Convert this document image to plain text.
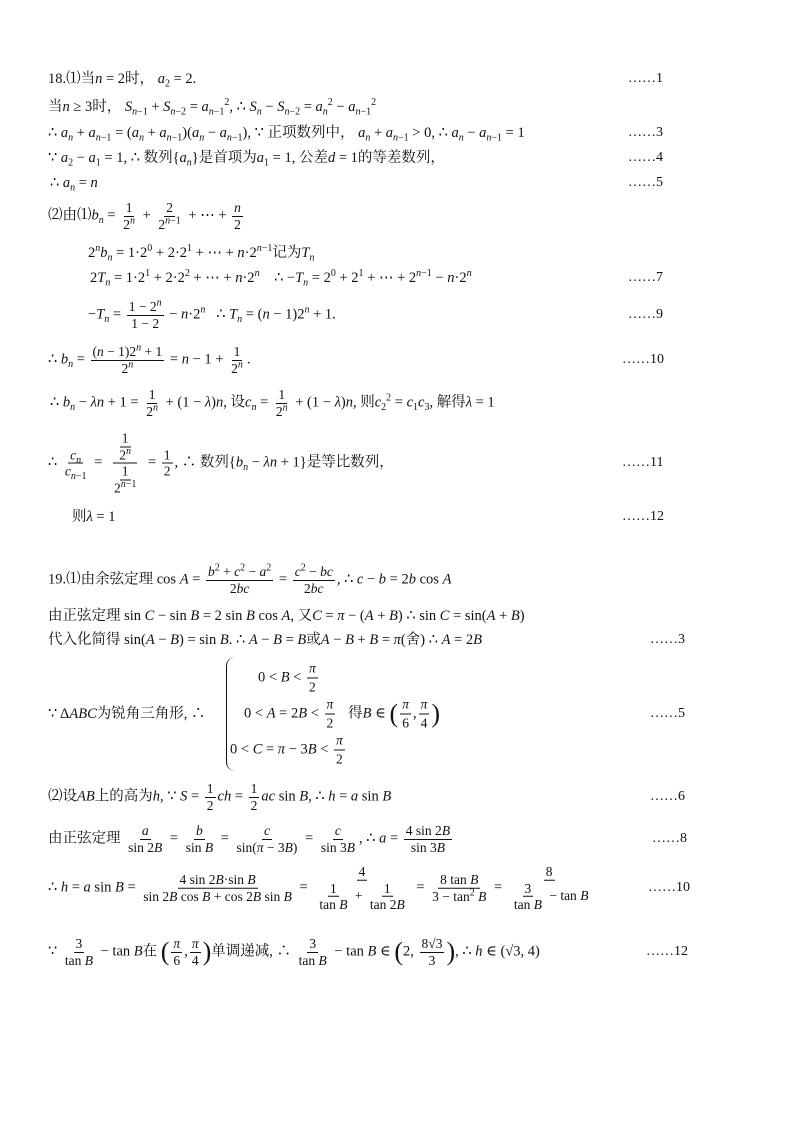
18.⑴当n = 2时， $a_2 = 2$.	……1
当n ≥ 3时， $S_{n-1} + S_{n-2} = a_{n-1}^2$, ∴ $S_n - S_{n-2} = a_n^2 - a_{n-1}^2$
∴ $a_n + a_{n-1} = (a_n + a_{n-1})(a_n - a_{n-1})$, ∵ 正项数列中， $a_n + a_{n-1} > 0$, ∴ $a_n - a_{n-1} = 1$	……3
∵ $a_2 - a_1 = 1$, ∴ 数列$\{a_n\}$是首项为$a_1 = 1$, 公差d = 1的等差数列，	……4
∴ $a_n = n$	……5
⑵由$⑴b_n = \frac{1}{2^n} + \frac{2}{2^{n-1}}$ + ⋯ + $\frac{n}{2}$
$2^nb_n = 1\cdot 2^0 + 2\cdot 2^1$ + ⋯ + $n\cdot 2^{n-1}$记为$T_n$
$2T_n = 1\cdot 2^1 + 2\cdot 2^2$ + ⋯ + $n\cdot 2^n$    ∴ $-T_n = 2^0 + 2^1$ + ⋯ + $2^{n-1} - n\cdot 2^n$	……7
$-T_n = \frac{1 - 2^n}{1 - 2} - n\cdot 2^n$   ∴ $T_n = (n - 1)2^n + 1$.	……9
∴ $b_n = \frac{(n - 1)2^n + 1}{2^n} = n - 1 + \frac{1}{2^n}$ .	……10
∴ $b_n - \lambda n + 1 = \frac{1}{2^n} + (1 - \lambda)n$, 设$c_n = \frac{1}{2^n} + (1 - \lambda)n$, 则$c_2^2 = c_1c_3$, 解得λ = 1
∴ $\frac{c_n}{c_{n-1}} = \frac{\frac{1}{2^n}}{\frac{1}{2^{n-1}}} = \frac{1}{2}$ , ∴ 数列$\{b_n - \lambda n + 1\}$是等比数列，	……11
则λ = 1	……12
19.⑴由余弦定理 $\cos A = \frac{b^2 + c^2 - a^2}{2bc} = \frac{c^2 - bc}{2bc}$ , ∴ c − b = 2b cos A
由正弦定理 sin C − sin B = 2 sin B cos A, 又C = π − (A + B) ∴ sin C = sin(A + B)
代入化简得 sin(A − B) = sin B. ∴ A − B = B或A − B + B = π(舍) ∴ A = 2B	……3
∵ ΔABC为锐角三角形, ∴
$0 < B < \frac{\pi}{2}$
$0 < A = 2B < \frac{\pi}{2}$ 得B ∈ ( $\frac{\pi}{6}$ , $\frac{\pi}{4}$ )
$0 < C = \pi - 3B < \frac{\pi}{2}$
……5
⑵设AB上的高为h, ∵ $S = \frac{1}{2}$ ch = $\frac{1}{2}$ ac sin B, ∴ h = a sin B	……6
由正弦定理 $\frac{a}{\sin 2B} = \frac{b}{\text{sin B}} = \frac{c}{\sin(\pi - 3B)} = \frac{c}{\sin 3B}$ , ∴ $a = \frac{4 \sin 2B}{\sin 3B}$	……8
∴ h = a $\sin B = \frac{\text{4 sin 2B·sin B}}{\text{sin 2B cos B + cos 2B sin B}} = \frac{4}{\frac{1}{\text{tan B}} + \frac{1}{\tan 2B}} = \frac{\text{8 tan B}}{3 - \tan^2 B} = \frac{8}{\frac{3}{\text{tan B}} - \tan B}$	……10
∵ $\frac{3}{\text{tan B}} - \tan B$在 ( $\frac{\pi}{6}$ , $\frac{\pi}{4}$ )单调递减, ∴ $\frac{3}{\text{tan B}} - \tan B$ ∈ (2, $\frac{8√3}{3}$ ), ∴ h ∈ (√3, 4)	……12
